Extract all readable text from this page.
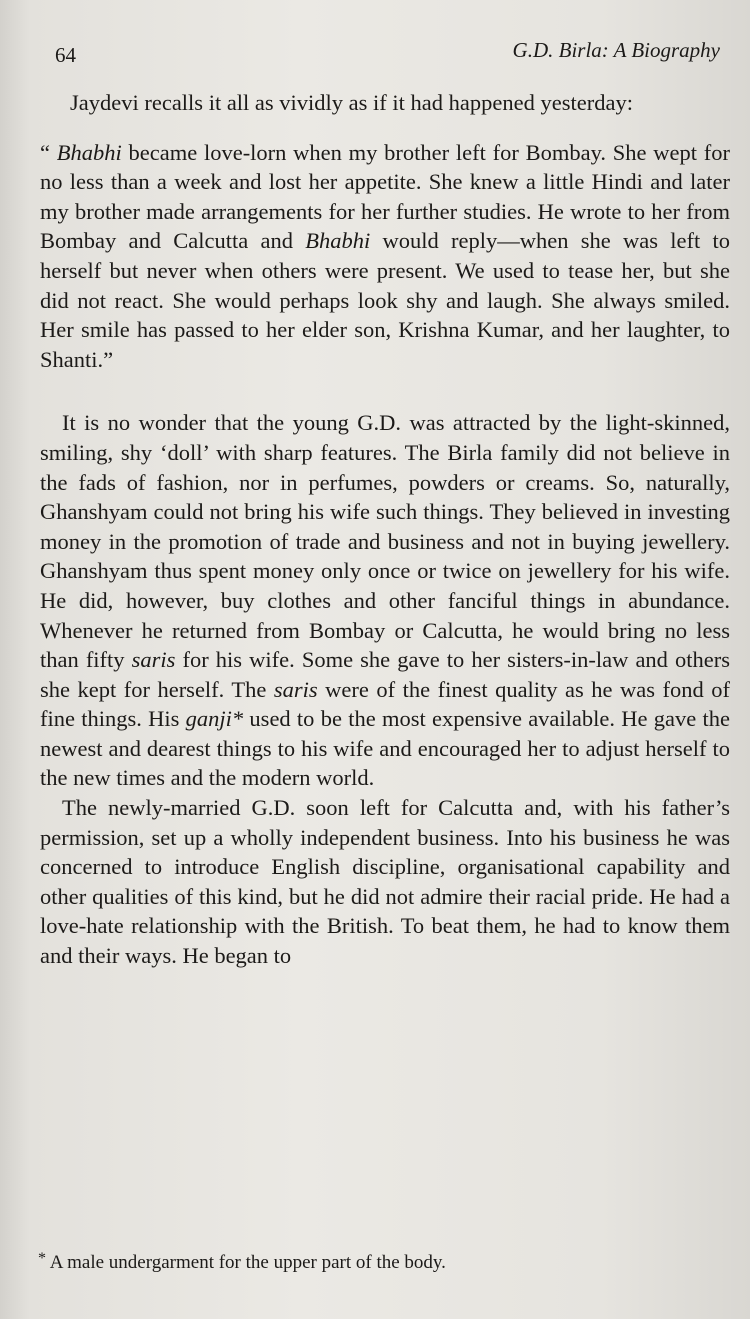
64	G.D. Birla: A Biography

Jaydevi recalls it all as vividly as if it had happened yesterday:

“ Bhabhi became love-lorn when my brother left for Bombay. She wept for no less than a week and lost her appetite. She knew a little Hindi and later my brother made arrangements for her further studies. He wrote to her from Bombay and Calcutta and Bhabhi would reply—when she was left to herself but never when others were present. We used to tease her, but she did not react. She would perhaps look shy and laugh. She always smiled. Her smile has passed to her elder son, Krishna Kumar, and her laughter, to Shanti.”

It is no wonder that the young G.D. was attracted by the light-skinned, smiling, shy ‘doll’ with sharp features. The Birla family did not believe in the fads of fashion, nor in perfumes, powders or creams. So, naturally, Ghanshyam could not bring his wife such things. They believed in investing money in the promotion of trade and business and not in buying jewellery. Ghanshyam thus spent money only once or twice on jewellery for his wife. He did, however, buy clothes and other fanciful things in abundance. Whenever he returned from Bombay or Calcutta, he would bring no less than fifty saris for his wife. Some she gave to her sisters-in-law and others she kept for herself. The saris were of the finest quality as he was fond of fine things. His ganji* used to be the most expensive available. He gave the newest and dearest things to his wife and encouraged her to adjust herself to the new times and the modern world.

The newly-married G.D. soon left for Calcutta and, with his father’s permission, set up a wholly independent business. Into his business he was concerned to introduce English discipline, organisational capability and other qualities of this kind, but he did not admire their racial pride. He had a love-hate relationship with the British. To beat them, he had to know them and their ways. He began to

* A male undergarment for the upper part of the body.
